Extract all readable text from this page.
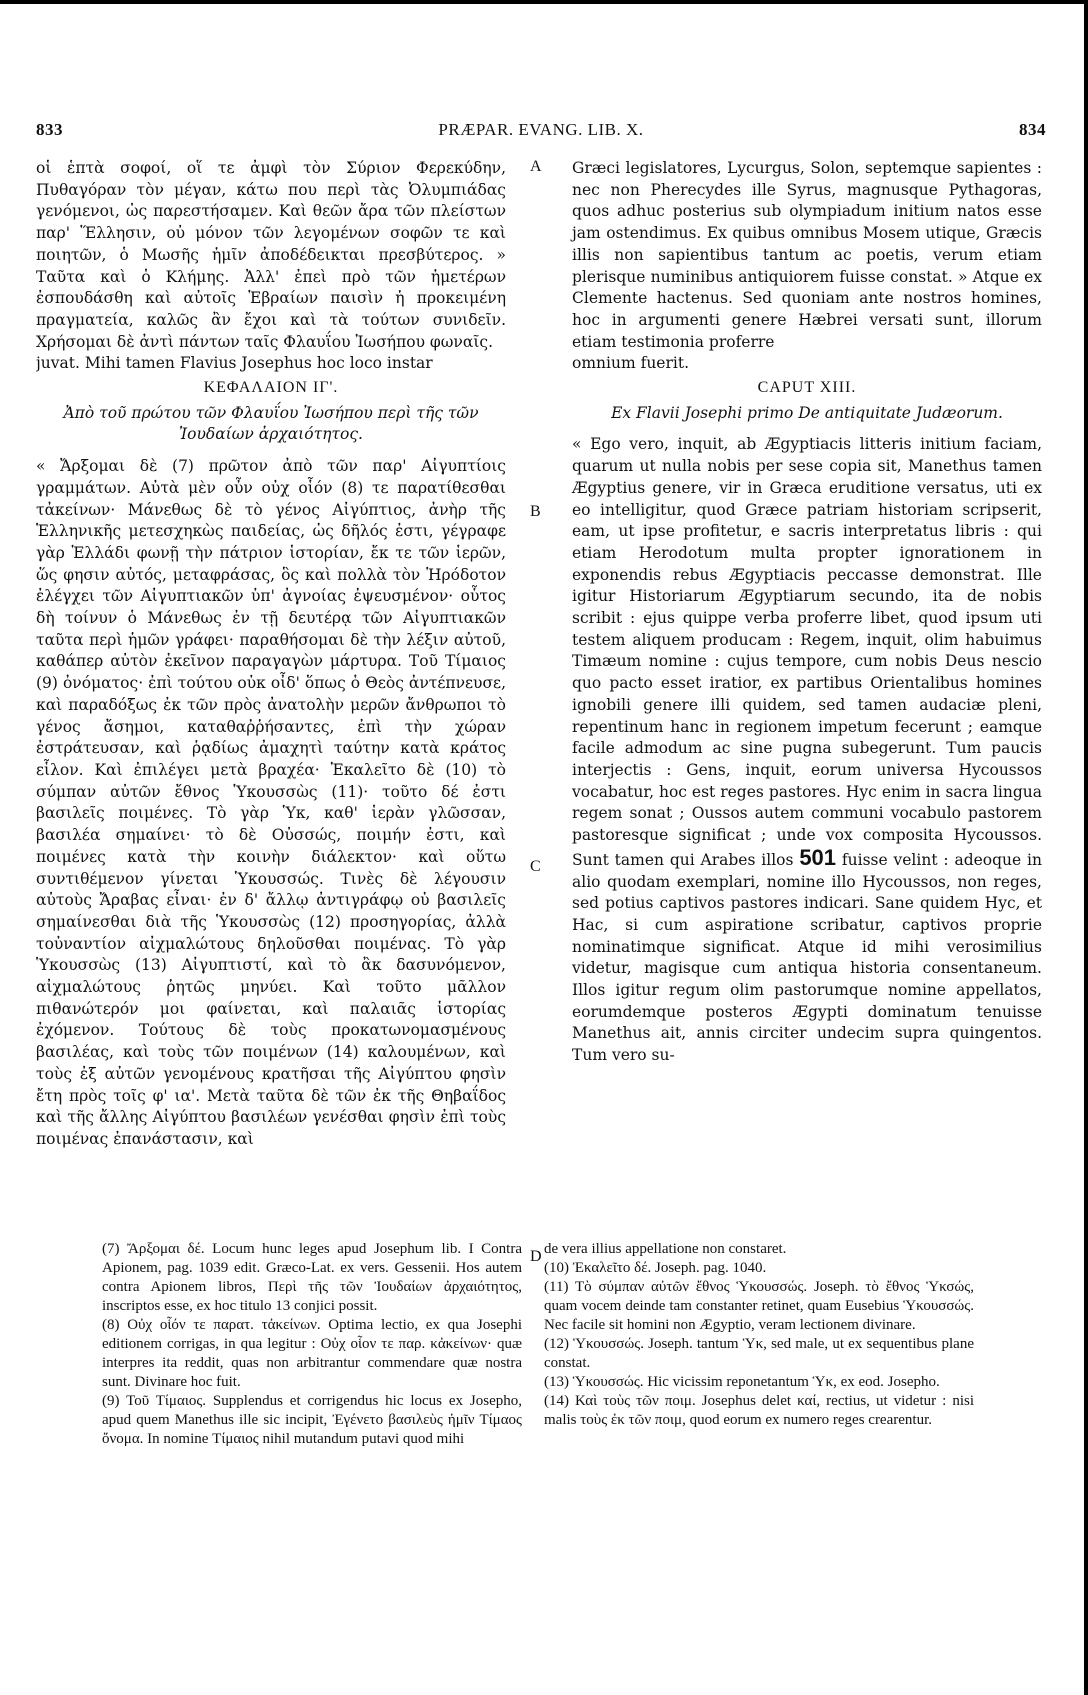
833	PRÆPAR. EVANG. LIB. X.	834

οἱ ἑπτὰ σοφοί, οἵ τε ἀμφὶ τὸν Σύριον Φερεκύδην, Πυθαγόραν τὸν μέγαν, κάτω που περὶ τὰς Ὀλυμπιάδας γενόμενοι, ὡς παρεστήσαμεν. Καὶ θεῶν ἄρα τῶν πλείστων παρ' Ἕλλησιν, οὐ μόνον τῶν λεγομένων σοφῶν τε καὶ ποιητῶν, ὁ Μωσῆς ἡμῖν ἀποδέδεικται πρεσβύτερος. » Ταῦτα καὶ ὁ Κλήμης. Ἀλλ' ἐπεὶ πρὸ τῶν ἡμετέρων ἐσπουδάσθη καὶ αὐτοῖς Ἑβραίων παισὶν ἡ προκειμένη πραγματεία, καλῶς ἂν ἔχοι καὶ τὰ τούτων συνιδεῖν. Χρήσομαι δὲ ἀντὶ πάντων ταῖς Φλαυΐου Ἰωσήπου φωναῖς.

juvat. Mihi tamen Flavius Josephus hoc loco instar

ΚΕΦΑΛΑΙΟΝ ΙΓ'.
Ἀπὸ τοῦ πρώτου τῶν Φλαυΐου Ἰωσήπου περὶ τῆς τῶν Ἰουδαίων ἀρχαιότητος.

« Ἄρξομαι δὲ (7) πρῶτον ἀπὸ τῶν παρ' Αἰγυπτίοις γραμμάτων. Αὐτὰ μὲν οὖν οὐχ οἷόν (8) τε παρατίθεσθαι τἀκείνων· Μάνεθως δὲ τὸ γένος Αἰγύπτιος, ἀνὴρ τῆς Ἑλληνικῆς μετεσχηκὼς παιδείας, ὡς δῆλός ἐστι, γέγραφε γὰρ Ἑλλάδι φωνῇ τὴν πάτριον ἱστορίαν, ἔκ τε τῶν ἱερῶν, ὥς φησιν αὐτός, μεταφράσας, ὃς καὶ πολλὰ τὸν Ἡρόδοτον ἐλέγχει τῶν Αἰγυπτιακῶν ὑπ' ἀγνοίας ἐψευσμένον· οὗτος δὴ τοίνυν ὁ Μάνεθως ἐν τῇ δευτέρᾳ τῶν Αἰγυπτιακῶν ταῦτα περὶ ἡμῶν γράφει· παραθήσομαι δὲ τὴν λέξιν αὐτοῦ, καθάπερ αὐτὸν ἐκεῖνον παραγαγὼν μάρτυρα. Τοῦ Τίμαιος (9) ὀνόματος· ἐπὶ τούτου οὐκ οἶδ' ὅπως ὁ Θεὸς ἀντέπνευσε, καὶ παραδόξως ἐκ τῶν πρὸς ἀνατολὴν μερῶν ἄνθρωποι τὸ γένος ἄσημοι, καταθαῤῥήσαντες, ἐπὶ τὴν χώραν ἐστράτευσαν, καὶ ῥᾳδίως ἀμαχητὶ ταύτην κατὰ κράτος εἷλον. Καὶ ἐπιλέγει μετὰ βραχέα· Ἐκαλεῖτο δὲ (10) τὸ σύμπαν αὐτῶν ἔθνος Ὑκουσσὼς (11)· τοῦτο δέ ἐστι βασιλεῖς ποιμένες. Τὸ γὰρ Ὑκ, καθ' ἱερὰν γλῶσσαν, βασιλέα σημαίνει· τὸ δὲ Οὐσσώς, ποιμήν ἐστι, καὶ ποιμένες κατὰ τὴν κοινὴν διάλεκτον· καὶ οὕτω συντιθέμενον γίνεται Ὑκουσσώς. Τινὲς δὲ λέγουσιν αὐτοὺς Ἄραβας εἶναι· ἐν δ' ἄλλῳ ἀντιγράφῳ οὐ βασιλεῖς σημαίνεσθαι διὰ τῆς Ὑκουσσὼς (12) προσηγορίας, ἀλλὰ τοὐναντίον αἰχμαλώτους δηλοῦσθαι ποιμένας. Τὸ γὰρ Ὑκουσσὼς (13) Αἰγυπτιστί, καὶ τὸ ἂκ δασυνόμενον, αἰχμαλώτους ῥητῶς μηνύει. Καὶ τοῦτο μᾶλλον πιθανώτερόν μοι φαίνεται, καὶ παλαιᾶς ἱστορίας ἐχόμενον. Τούτους δὲ τοὺς προκατωνομασμένους βασιλέας, καὶ τοὺς τῶν ποιμένων (14) καλουμένων, καὶ τοὺς ἐξ αὐτῶν γενομένους κρατῆσαι τῆς Αἰγύπτου φησὶν ἔτη πρὸς τοῖς φ' ια'. Μετὰ ταῦτα δὲ τῶν ἐκ τῆς Θηβαΐδος καὶ τῆς ἄλλης Αἰγύπτου βασιλέων γενέσθαι φησὶν ἐπὶ τοὺς ποιμένας ἐπανάστασιν, καὶ

A
B
C
D

Græci legislatores, Lycurgus, Solon, septemque sapientes : nec non Pherecydes ille Syrus, magnusque Pythagoras, quos adhuc posterius sub olympiadum initium natos esse jam ostendimus. Ex quibus omnibus Mosem utique, Græcis illis non sapientibus tantum ac poetis, verum etiam plerisque numinibus antiquiorem fuisse constat. » Atque ex Clemente hactenus. Sed quoniam ante nostros homines, hoc in argumenti genere Hæbrei versati sunt, illorum etiam testimonia proferre

omnium fuerit.

CAPUT XIII.
Ex Flavii Josephi primo De antiquitate Judæorum.

« Ego vero, inquit, ab Ægyptiacis litteris initium faciam, quarum ut nulla nobis per sese copia sit, Manethus tamen Ægyptius genere, vir in Græca eruditione versatus, uti ex eo intelligitur, quod Græce patriam historiam scripserit, eam, ut ipse profitetur, e sacris interpretatus libris : qui etiam Herodotum multa propter ignorationem in exponendis rebus Ægyptiacis peccasse demonstrat. Ille igitur Historiarum Ægyptiarum secundo, ita de nobis scribit : ejus quippe verba proferre libet, quod ipsum uti testem aliquem producam : Regem, inquit, olim habuimus Timæum nomine : cujus tempore, cum nobis Deus nescio quo pacto esset iratior, ex partibus Orientalibus homines ignobili genere illi quidem, sed tamen audaciæ pleni, repentinum hanc in regionem impetum fecerunt ; eamque facile admodum ac sine pugna subegerunt. Tum paucis interjectis : Gens, inquit, eorum universa Hycoussos vocabatur, hoc est reges pastores. Hyc enim in sacra lingua regem sonat ; Oussos autem communi vocabulo pastorem pastoresque significat ; unde vox composita Hycoussos. Sunt tamen qui Arabes illos 501 fuisse velint : adeoque in alio quodam exemplari, nomine illo Hycoussos, non reges, sed potius captivos pastores indicari. Sane quidem Hyc, et Hac, si cum aspiratione scribatur, captivos proprie nominatimque significat. Atque id mihi verosimilius videtur, magisque cum antiqua historia consentaneum. Illos igitur regum olim pastorumque nomine appellatos, eorumdemque posteros Ægypti dominatum tenuisse Manethus ait, annis circiter undecim supra quingentos. Tum vero su-

(7) Ἄρξομαι δέ. Locum hunc leges apud Josephum lib. I Contra Apionem, pag. 1039 edit. Græco-Lat. ex vers. Gessenii. Hos autem contra Apionem libros, Περὶ τῆς τῶν Ἰουδαίων ἀρχαιότητος, inscriptos esse, ex hoc titulo 13 conjici possit.

(8) Οὐχ οἷόν τε παρατ. τἀκείνων. Optima lectio, ex qua Josephi editionem corrigas, in qua legitur : Οὐχ οἷον τε παρ. κἀκείνων· quæ interpres ita reddit, quas non arbitrantur commendare quæ nostra sunt. Divinare hoc fuit.

(9) Τοῦ Τίμαιος. Supplendus et corrigendus hic locus ex Josepho, apud quem Manethus ille sic incipit, Ἐγένετο βασιλεὺς ἡμῖν Τίμαος ὄνομα. In nomine Τίμαιος nihil mutandum putavi quod mihi

de vera illius appellatione non constaret.

(10) Ἐκαλεῖτο δέ. Joseph. pag. 1040.

(11) Τὸ σύμπαν αὐτῶν ἔθνος Ὑκουσσώς. Joseph. τὸ ἔθνος Ὑκσώς, quam vocem deinde tam constanter retinet, quam Eusebius Ὑκουσσώς. Nec facile sit homini non Ægyptio, veram lectionem divinare.

(12) Ὑκουσσώς. Joseph. tantum Ὑκ, sed male, ut ex sequentibus plane constat.

(13) Ὑκουσσώς. Hic vicissim reponetantum Ὑκ, ex eod. Josepho.

(14) Καὶ τοὺς τῶν ποιμ. Josephus delet καί, rectius, ut videtur : nisi malis τοὺς ἐκ τῶν ποιμ, quod eorum ex numero reges crearentur.
